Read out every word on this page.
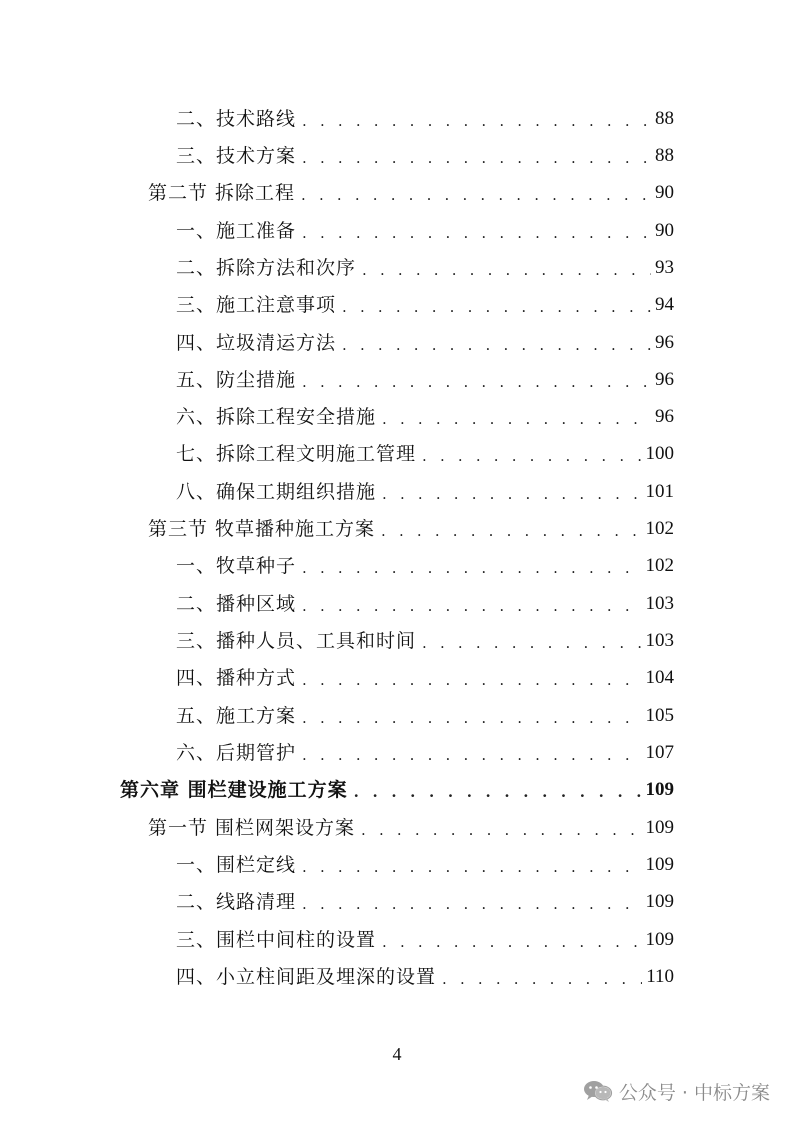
二、技术路线 . . .	88
三、技术方案 . . .	88
第二节 拆除工程 . . .	90
一、施工准备 . . .	90
二、拆除方法和次序 . . .	93
三、施工注意事项 . . .	94
四、垃圾清运方法 . . .	96
五、防尘措施 . . .	96
六、拆除工程安全措施 . . .	96
七、拆除工程文明施工管理 . . .	100
八、确保工期组织措施 . . .	101
第三节 牧草播种施工方案 . . .	102
一、牧草种子 . . .	102
二、播种区域 . . .	103
三、播种人员、工具和时间 . . .	103
四、播种方式 . . .	104
五、施工方案 . . .	105
六、后期管护 . . .	107
第六章 围栏建设施工方案 . . .	109
第一节 围栏网架设方案 . . .	109
一、围栏定线 . . .	109
二、线路清理 . . .	109
三、围栏中间柱的设置 . . .	109
四、小立柱间距及埋深的设置 . . .	110
4
公众号 · 中标方案
